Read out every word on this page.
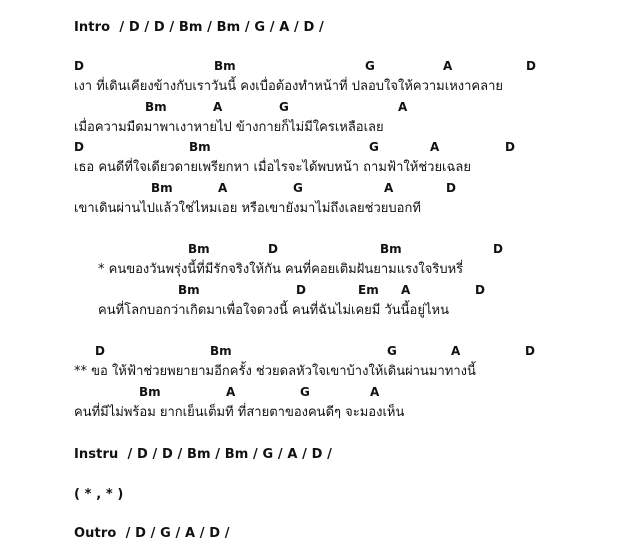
Intro  / D / D / Bm / Bm / G / A / D /
D	Bm	G	A	D
เงา ที่เดินเคียงข้างกับเราวันนี้ คงเบื่อต้องทำหน้าที่ ปลอบใจให้ความเหงาคลาย
Bm	A	G	A
เมื่อความมืดมาพาเงาหายไป ข้างกายก็ไม่มีใครเหลือเลย
D	Bm	G	A	D
เธอ คนดีที่ใจเดียวดายเพรียกหา เมื่อไรจะได้พบหน้า ถามฟ้าให้ช่วยเฉลย
Bm	A	G	A	D
เขาเดินผ่านไปแล้วใช่ไหมเอย หรือเขายังมาไม่ถึงเลยช่วยบอกที
Bm	D	Bm	D
* คนของวันพรุ่งนี้ที่มีรักจริงให้กัน คนที่คอยเติมฝันยามแรงใจริบหรี่
Bm	D	Em A	D
คนที่โลกบอกว่าเกิดมาเพื่อใจดวงนี้ คนที่ฉันไม่เคยมี วันนี้อยู่ไหน
D	Bm	G	A	D
** ขอ ให้ฟ้าช่วยพยายามอีกครั้ง ช่วยดลหัวใจเขาบ้างให้เดินผ่านมาทางนี้
Bm	A	G	A
คนที่มีไม่พร้อม ยากเย็นเต็มที ที่สายตาของคนดีๆ จะมองเห็น
Instru  / D / D / Bm / Bm / G / A / D /
( * , * )
Outro  / D / G / A / D /
